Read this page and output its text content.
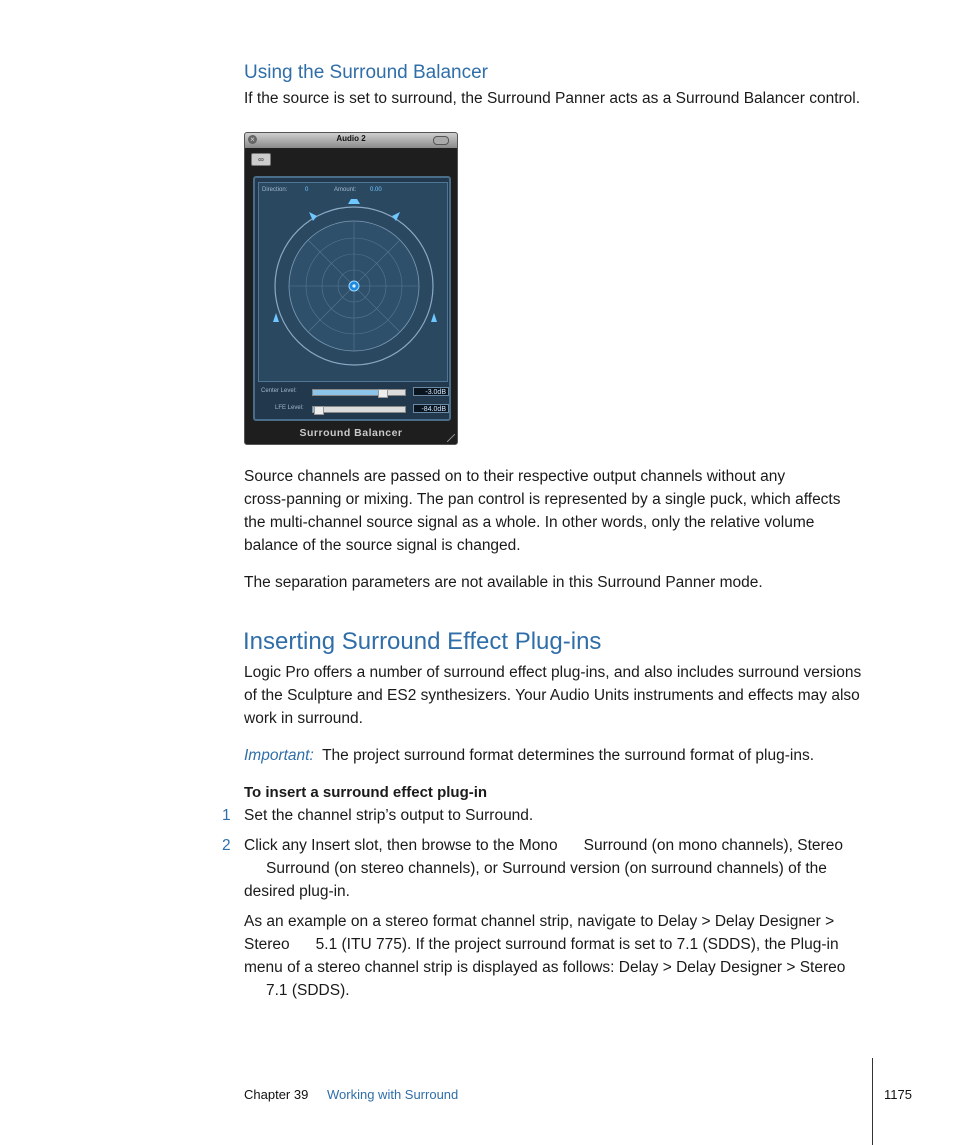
Using the Surround Balancer
If the source is set to surround, the Surround Panner acts as a Surround Balancer control.
×	Audio 2
∞
Direction:	0	Amount: 0.00
Center Level:	-3.0dB
LFE Level:	-84.0dB
Surround Balancer
Source channels are passed on to their respective output channels without any
cross-panning or mixing. The pan control is represented by a single puck, which affects
the multi-channel source signal as a whole. In other words, only the relative volume
balance of the source signal is changed.
The separation parameters are not available in this Surround Panner mode.
Inserting Surround Effect Plug-ins
Logic Pro offers a number of surround effect plug-ins, and also includes surround versions
of the Sculpture and ES2 synthesizers. Your Audio Units instruments and effects may also
work in surround.
Important: The project surround format determines the surround format of plug-ins.
To insert a surround effect plug-in
1 Set the channel strip’s output to Surround.
2 Click any Insert slot, then browse to the Mono Surround (on mono channels), Stereo
Surround (on stereo channels), or Surround version (on surround channels) of the
desired plug-in.
As an example on a stereo format channel strip, navigate to Delay > Delay Designer >
Stereo 5.1 (ITU 775). If the project surround format is set to 7.1 (SDDS), the Plug-in
menu of a stereo channel strip is displayed as follows: Delay > Delay Designer > Stereo
7.1 (SDDS).
Chapter 39 Working with Surround	1175
